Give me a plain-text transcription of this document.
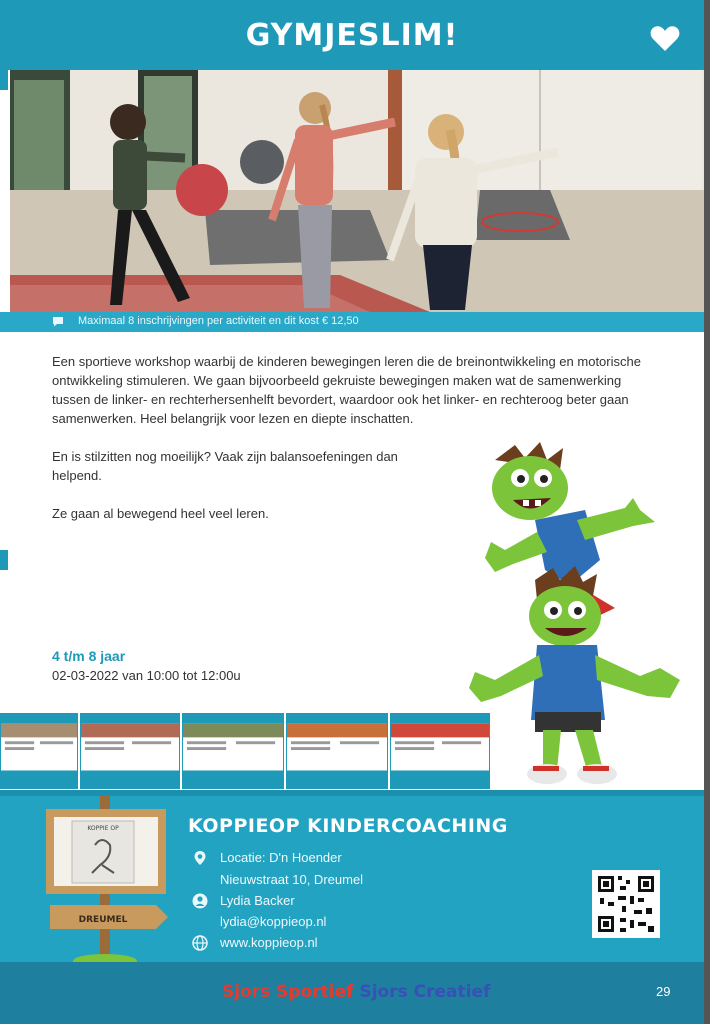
GYMJESLIM!
Maximaal 8 inschrijvingen per activiteit en dit kost € 12,50

Een sportieve workshop waarbij de kinderen bewegingen leren die de breinontwikkeling en motorische ontwikkeling stimuleren. We gaan bijvoorbeeld gekruiste bewegingen maken wat de samenwerking tussen de linker- en rechterhersenhelft bevordert, waardoor ook het linker- en rechteroog beter gaan samenwerken. Heel belangrijk voor lezen en diepte inschatten.

En is stilzitten nog moeilijk? Vaak zijn balansoefeningen dan helpend.

Ze gaan al bewegend heel veel leren.

4 t/m 8 jaar
02-03-2022 van 10:00 tot 12:00u
KOPPIE OP
DREUMEL
KOPPIEOP KINDERCOACHING
Locatie: D'n Hoender
Nieuwstraat 10, Dreumel
Lydia Backer
lydia@koppieop.nl
www.koppieop.nl
Sjors Sportief Sjors Creatief	29
